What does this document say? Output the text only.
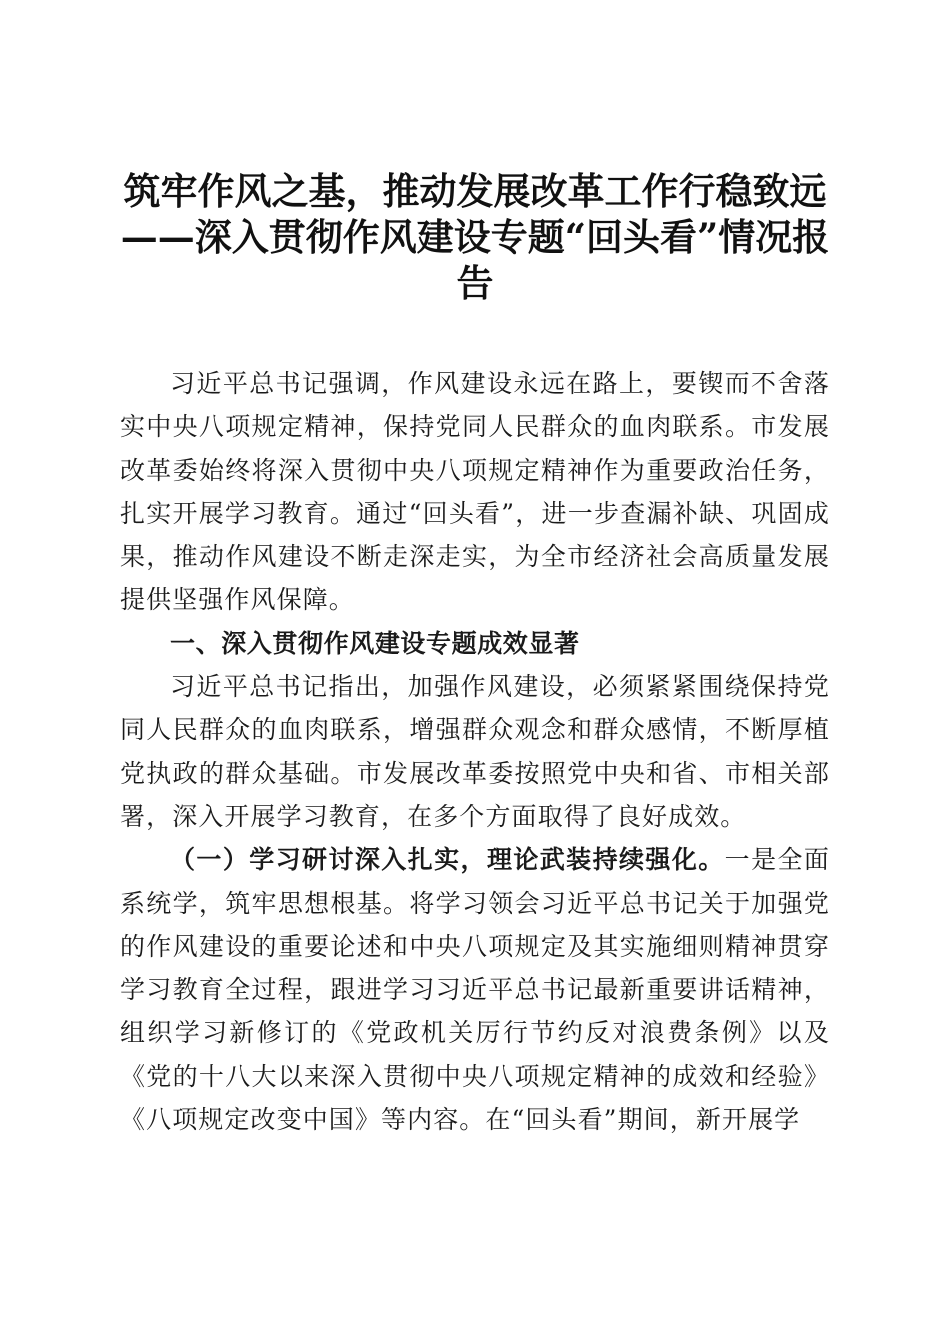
筑牢作风之基，推动发展改革工作行稳致远
——深入贯彻作风建设专题“回头看”情况报
告

习近平总书记强调，作风建设永远在路上，要锲而不舍落实中央八项规定精神，保持党同人民群众的血肉联系。市发展改革委始终将深入贯彻中央八项规定精神作为重要政治任务，扎实开展学习教育。通过“回头看”，进一步查漏补缺、巩固成果，推动作风建设不断走深走实，为全市经济社会高质量发展提供坚强作风保障。

一、深入贯彻作风建设专题成效显著

习近平总书记指出，加强作风建设，必须紧紧围绕保持党同人民群众的血肉联系，增强群众观念和群众感情，不断厚植党执政的群众基础。市发展改革委按照党中央和省、市相关部署，深入开展学习教育，在多个方面取得了良好成效。

（一）学习研讨深入扎实，理论武装持续强化。一是全面系统学，筑牢思想根基。将学习领会习近平总书记关于加强党的作风建设的重要论述和中央八项规定及其实施细则精神贯穿学习教育全过程，跟进学习习近平总书记最新重要讲话精神，组织学习新修订的《党政机关厉行节约反对浪费条例》以及《党的十八大以来深入贯彻中央八项规定精神的成效和经验》《八项规定改变中国》等内容。在“回头看”期间，新开展学
